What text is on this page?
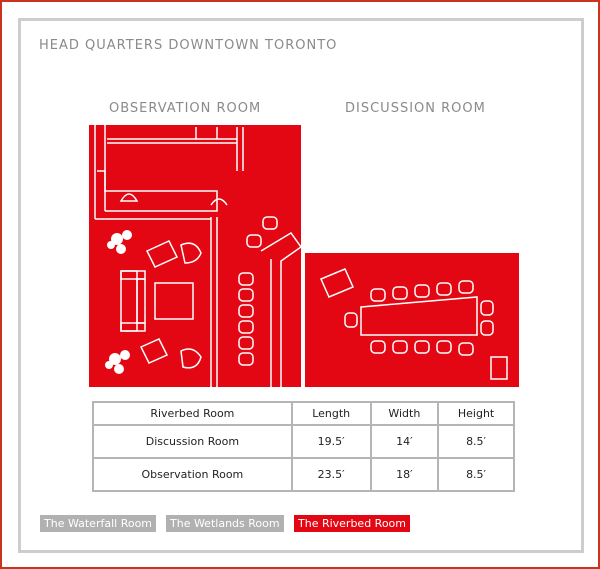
HEAD QUARTERS DOWNTOWN TORONTO
OBSERVATION ROOM	DISCUSSION ROOM
Riverbed Room	Length	Width	Height
Discussion Room	19.5′	14′	8.5′
Observation Room	23.5′	18′	8.5′
The Waterfall Room	The Wetlands Room	The Riverbed Room
